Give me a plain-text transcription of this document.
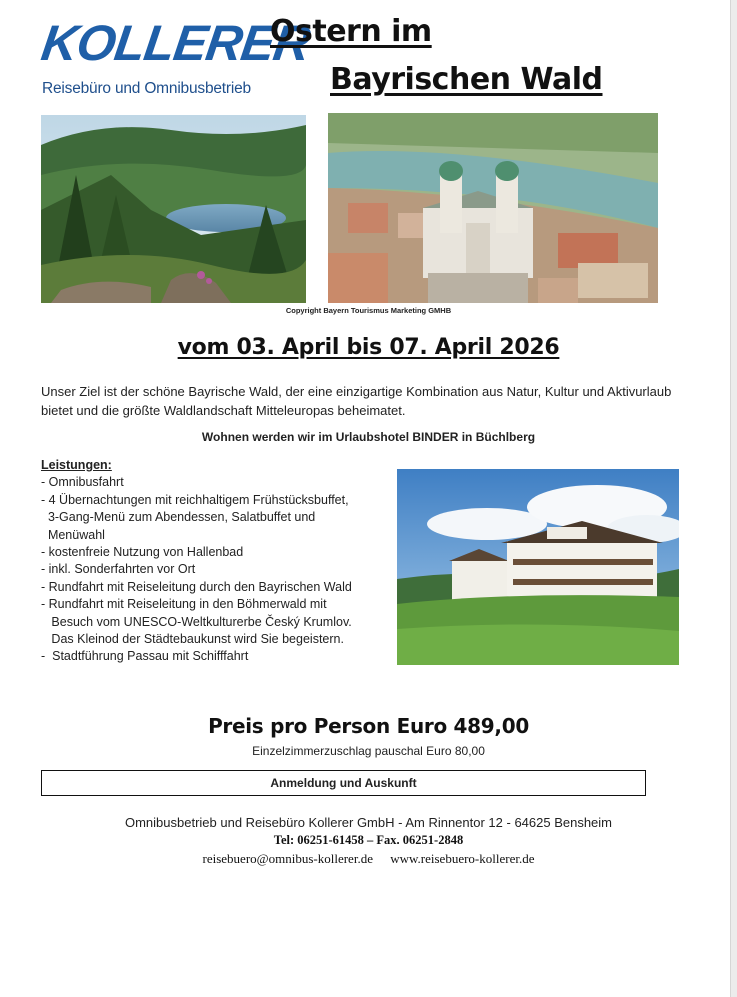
KOLLERER
Reisebüro und Omnibusbetrieb
Ostern im
Bayrischen Wald
Copyright Bayern Tourismus Marketing GMHB
vom 03. April bis 07. April 2026
Unser Ziel ist der schöne Bayrische Wald, der eine einzigartige Kombination aus Natur, Kultur und Aktivurlaub bietet und die größte Waldlandschaft Mitteleuropas beheimatet.
Wohnen werden wir im Urlaubshotel BINDER in Büchlberg
Leistungen:
- Omnibusfahrt
- 4 Übernachtungen mit reichhaltigem Frühstücksbuffet,
3-Gang-Menü zum Abendessen, Salatbuffet und
Menüwahl
- kostenfreie Nutzung von Hallenbad
- inkl. Sonderfahrten vor Ort
- Rundfahrt mit Reiseleitung durch den Bayrischen Wald
- Rundfahrt mit Reiseleitung in den Böhmerwald mit
Besuch vom UNESCO-Weltkulturerbe Český Krumlov.
Das Kleinod der Städtebaukunst wird Sie begeistern.
-  Stadtführung Passau mit Schifffahrt
Preis pro Person Euro 489,00
Einzelzimmerzuschlag pauschal Euro 80,00
Anmeldung und Auskunft
Omnibusbetrieb und Reisebüro Kollerer GmbH - Am Rinnentor 12 - 64625 Bensheim
Tel: 06251-61458 – Fax. 06251-2848
reisebuero@omnibus-kollerer.de www.reisebuero-kollerer.de
